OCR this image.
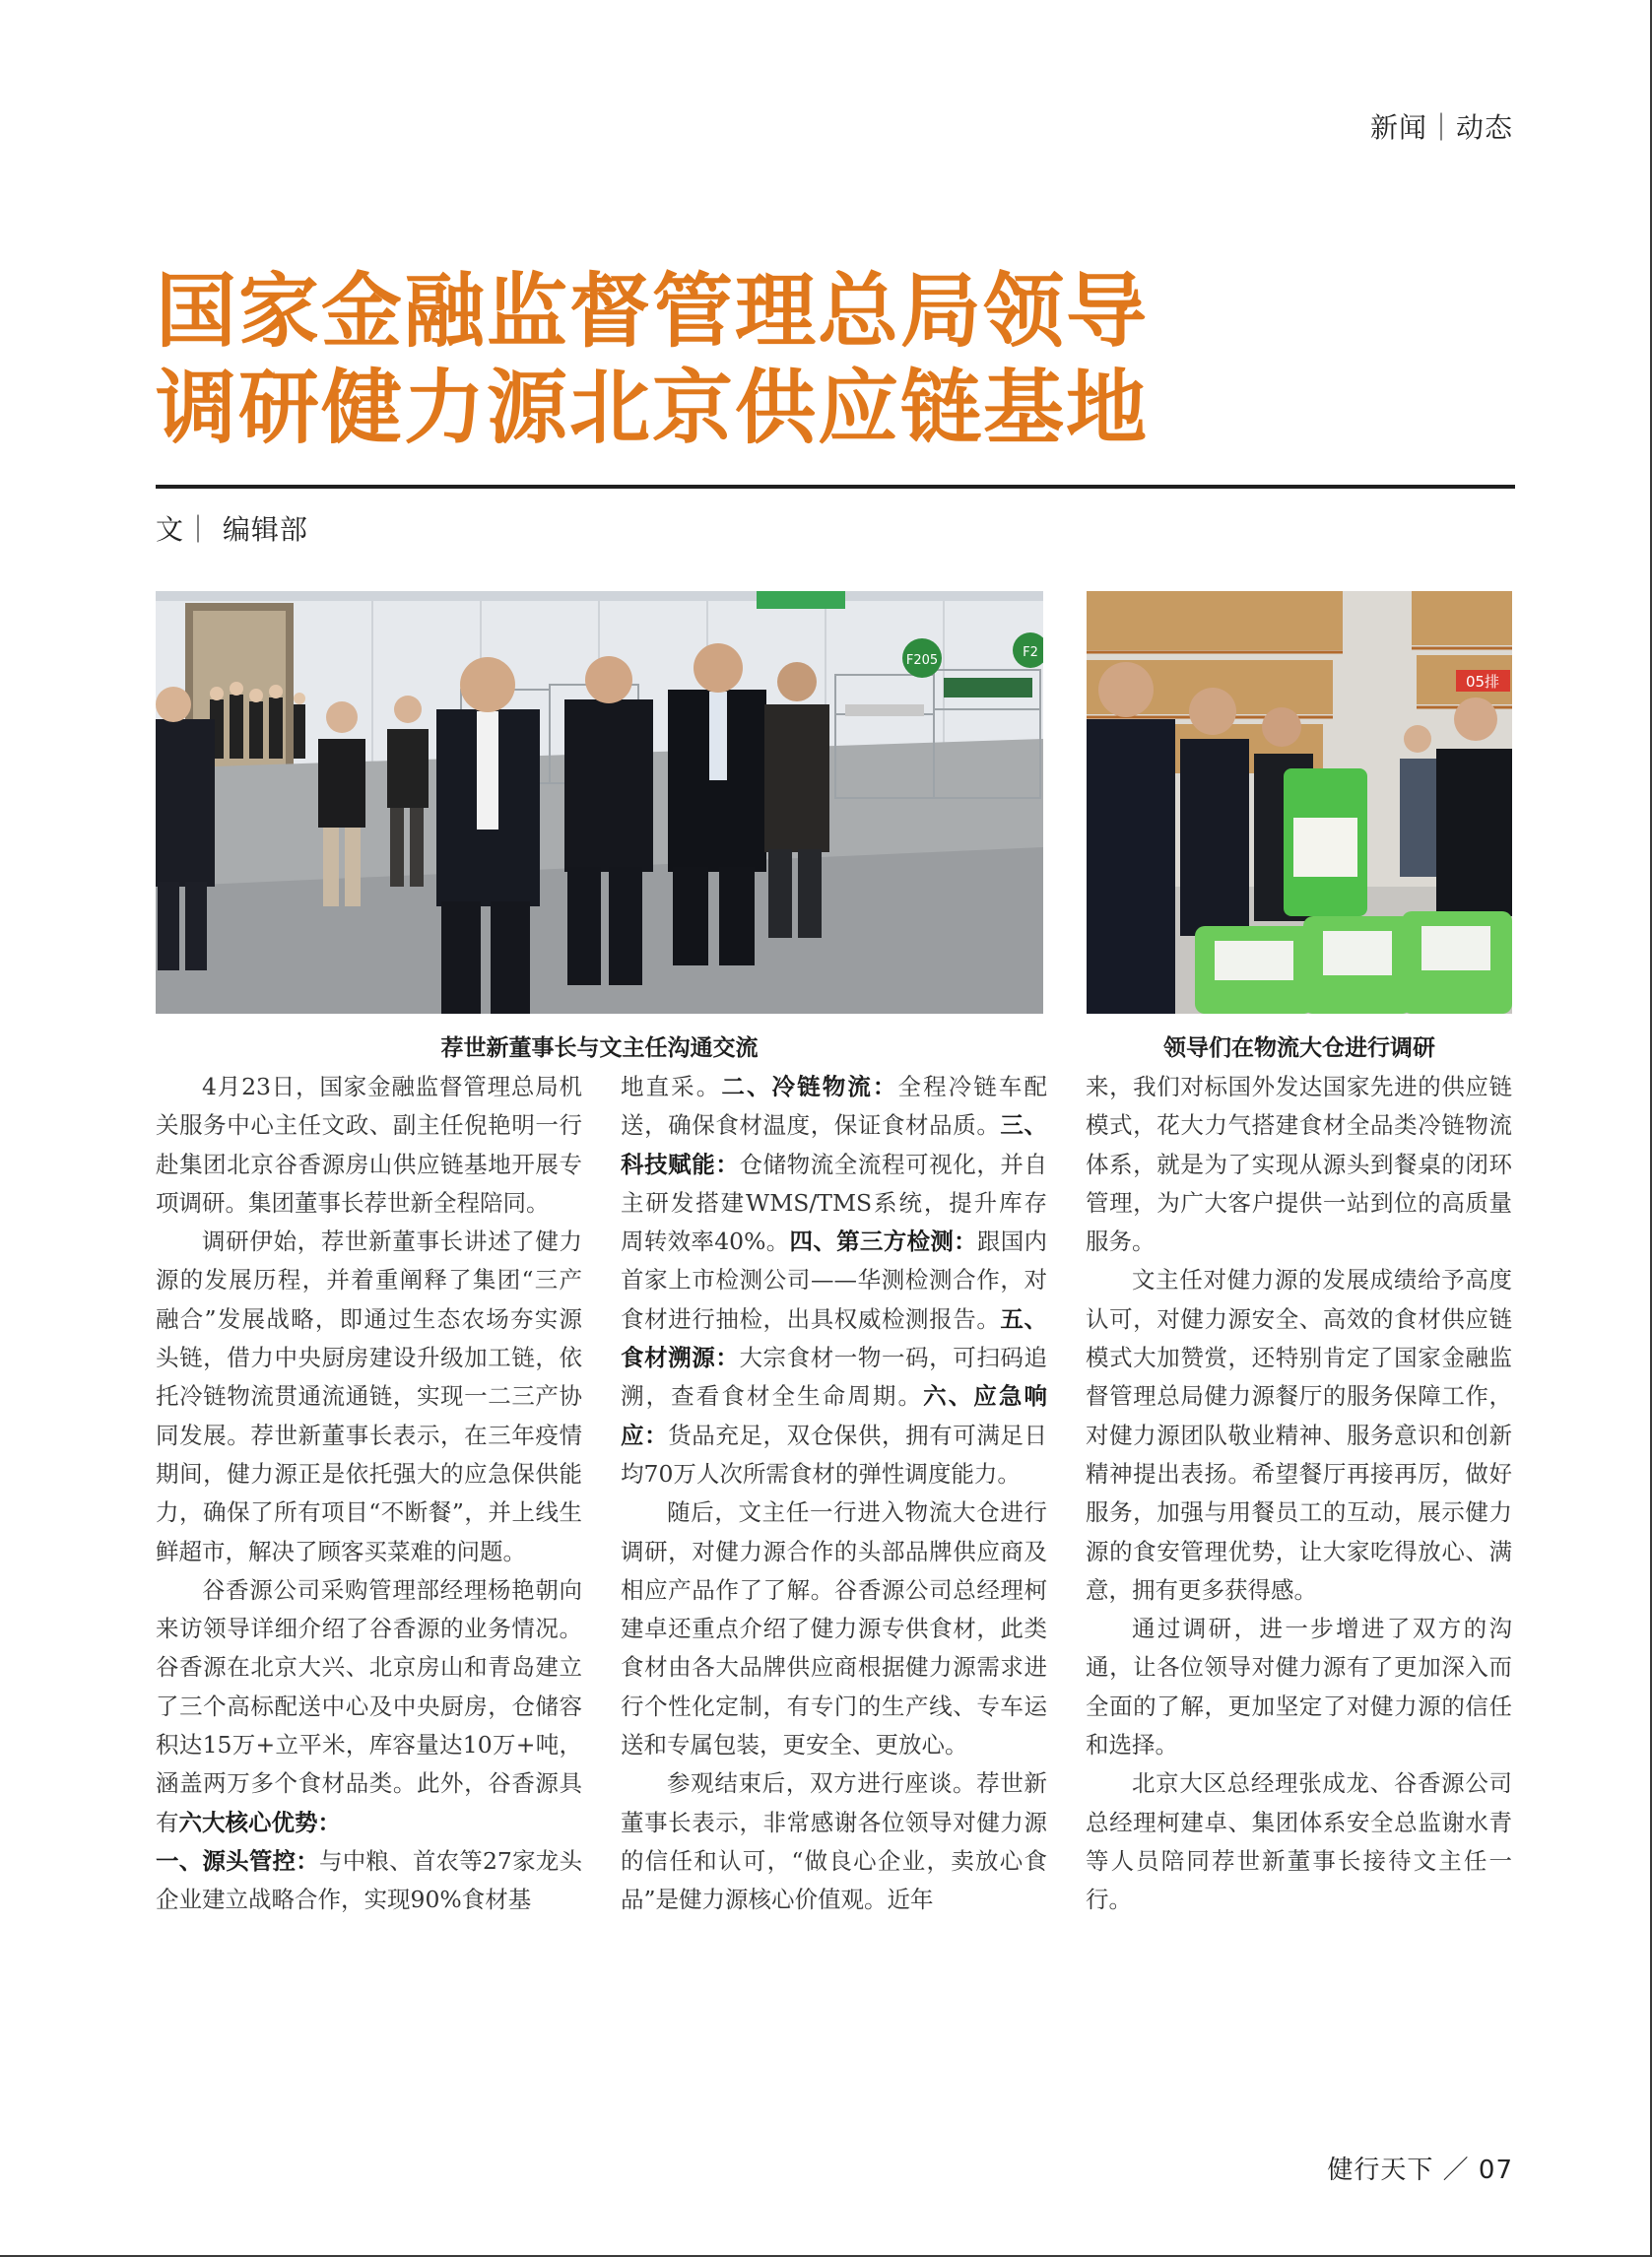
新闻｜动态
国家金融监督管理总局领导
调研健力源北京供应链基地
文｜ 编辑部
F205
F2
05排
荐世新董事长与文主任沟通交流	领导们在物流大仓进行调研

4月23日，国家金融监督管理总局机关服务中心主任文政、副主任倪艳明一行赴集团北京谷香源房山供应链基地开展专项调研。集团董事长荐世新全程陪同。

调研伊始，荐世新董事长讲述了健力源的发展历程，并着重阐释了集团“三产融合”发展战略，即通过生态农场夯实源头链，借力中央厨房建设升级加工链，依托冷链物流贯通流通链，实现一二三产协同发展。荐世新董事长表示，在三年疫情期间，健力源正是依托强大的应急保供能力，确保了所有项目“不断餐”，并上线生鲜超市，解决了顾客买菜难的问题。

谷香源公司采购管理部经理杨艳朝向来访领导详细介绍了谷香源的业务情况。谷香源在北京大兴、北京房山和青岛建立了三个高标配送中心及中央厨房，仓储容积达15万+立平米，库容量达10万+吨，涵盖两万多个食材品类。此外，谷香源具有六大核心优势：
一、源头管控：与中粮、首农等27家龙头企业建立战略合作，实现90%食材基

地直采。二、冷链物流：全程冷链车配送，确保食材温度，保证食材品质。三、科技赋能：仓储物流全流程可视化，并自主研发搭建WMS/TMS系统，提升库存周转效率40%。四、第三方检测：跟国内首家上市检测公司——华测检测合作，对食材进行抽检，出具权威检测报告。五、食材溯源：大宗食材一物一码，可扫码追溯，查看食材全生命周期。六、应急响应：货品充足，双仓保供，拥有可满足日均70万人次所需食材的弹性调度能力。

随后，文主任一行进入物流大仓进行调研，对健力源合作的头部品牌供应商及相应产品作了了解。谷香源公司总经理柯建卓还重点介绍了健力源专供食材，此类食材由各大品牌供应商根据健力源需求进行个性化定制，有专门的生产线、专车运送和专属包装，更安全、更放心。

参观结束后，双方进行座谈。荐世新董事长表示，非常感谢各位领导对健力源的信任和认可，“做良心企业，卖放心食品”是健力源核心价值观。近年

来，我们对标国外发达国家先进的供应链模式，花大力气搭建食材全品类冷链物流体系，就是为了实现从源头到餐桌的闭环管理，为广大客户提供一站到位的高质量服务。

文主任对健力源的发展成绩给予高度认可，对健力源安全、高效的食材供应链模式大加赞赏，还特别肯定了国家金融监督管理总局健力源餐厅的服务保障工作，对健力源团队敬业精神、服务意识和创新精神提出表扬。希望餐厅再接再厉，做好服务，加强与用餐员工的互动，展示健力源的食安管理优势，让大家吃得放心、满意，拥有更多获得感。

通过调研，进一步增进了双方的沟通，让各位领导对健力源有了更加深入而全面的了解，更加坚定了对健力源的信任和选择。

北京大区总经理张成龙、谷香源公司总经理柯建卓、集团体系安全总监谢水青等人员陪同荐世新董事长接待文主任一行。

健行天下 ／ 07
